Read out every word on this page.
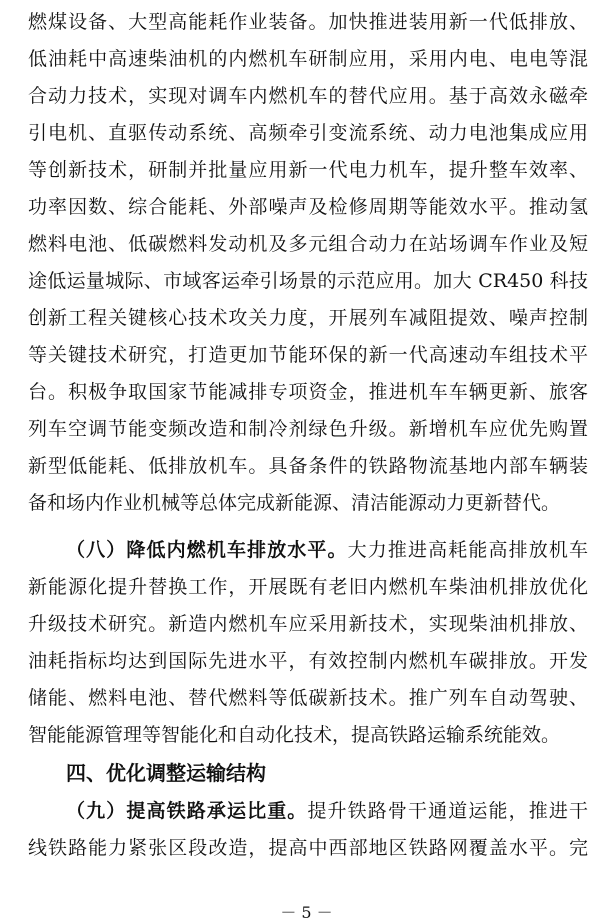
燃煤设备、大型高能耗作业装备。加快推进装用新一代低排放、
低油耗中高速柴油机的内燃机车研制应用，采用内电、电电等混
合动力技术，实现对调车内燃机车的替代应用。基于高效永磁牵
引电机、直驱传动系统、高频牵引变流系统、动力电池集成应用
等创新技术，研制并批量应用新一代电力机车，提升整车效率、
功率因数、综合能耗、外部噪声及检修周期等能效水平。推动氢
燃料电池、低碳燃料发动机及多元组合动力在站场调车作业及短
途低运量城际、市域客运牵引场景的示范应用。加大 CR450 科技
创新工程关键核心技术攻关力度，开展列车减阻提效、噪声控制
等关键技术研究，打造更加节能环保的新一代高速动车组技术平
台。积极争取国家节能减排专项资金，推进机车车辆更新、旅客
列车空调节能变频改造和制冷剂绿色升级。新增机车应优先购置
新型低能耗、低排放机车。具备条件的铁路物流基地内部车辆装
备和场内作业机械等总体完成新能源、清洁能源动力更新替代。
（八）降低内燃机车排放水平。大力推进高耗能高排放机车
新能源化提升替换工作，开展既有老旧内燃机车柴油机排放优化
升级技术研究。新造内燃机车应采用新技术，实现柴油机排放、
油耗指标均达到国际先进水平，有效控制内燃机车碳排放。开发
储能、燃料电池、替代燃料等低碳新技术。推广列车自动驾驶、
智能能源管理等智能化和自动化技术，提高铁路运输系统能效。
四、优化调整运输结构
（九）提高铁路承运比重。提升铁路骨干通道运能，推进干
线铁路能力紧张区段改造，提高中西部地区铁路网覆盖水平。完
－ 5 －
